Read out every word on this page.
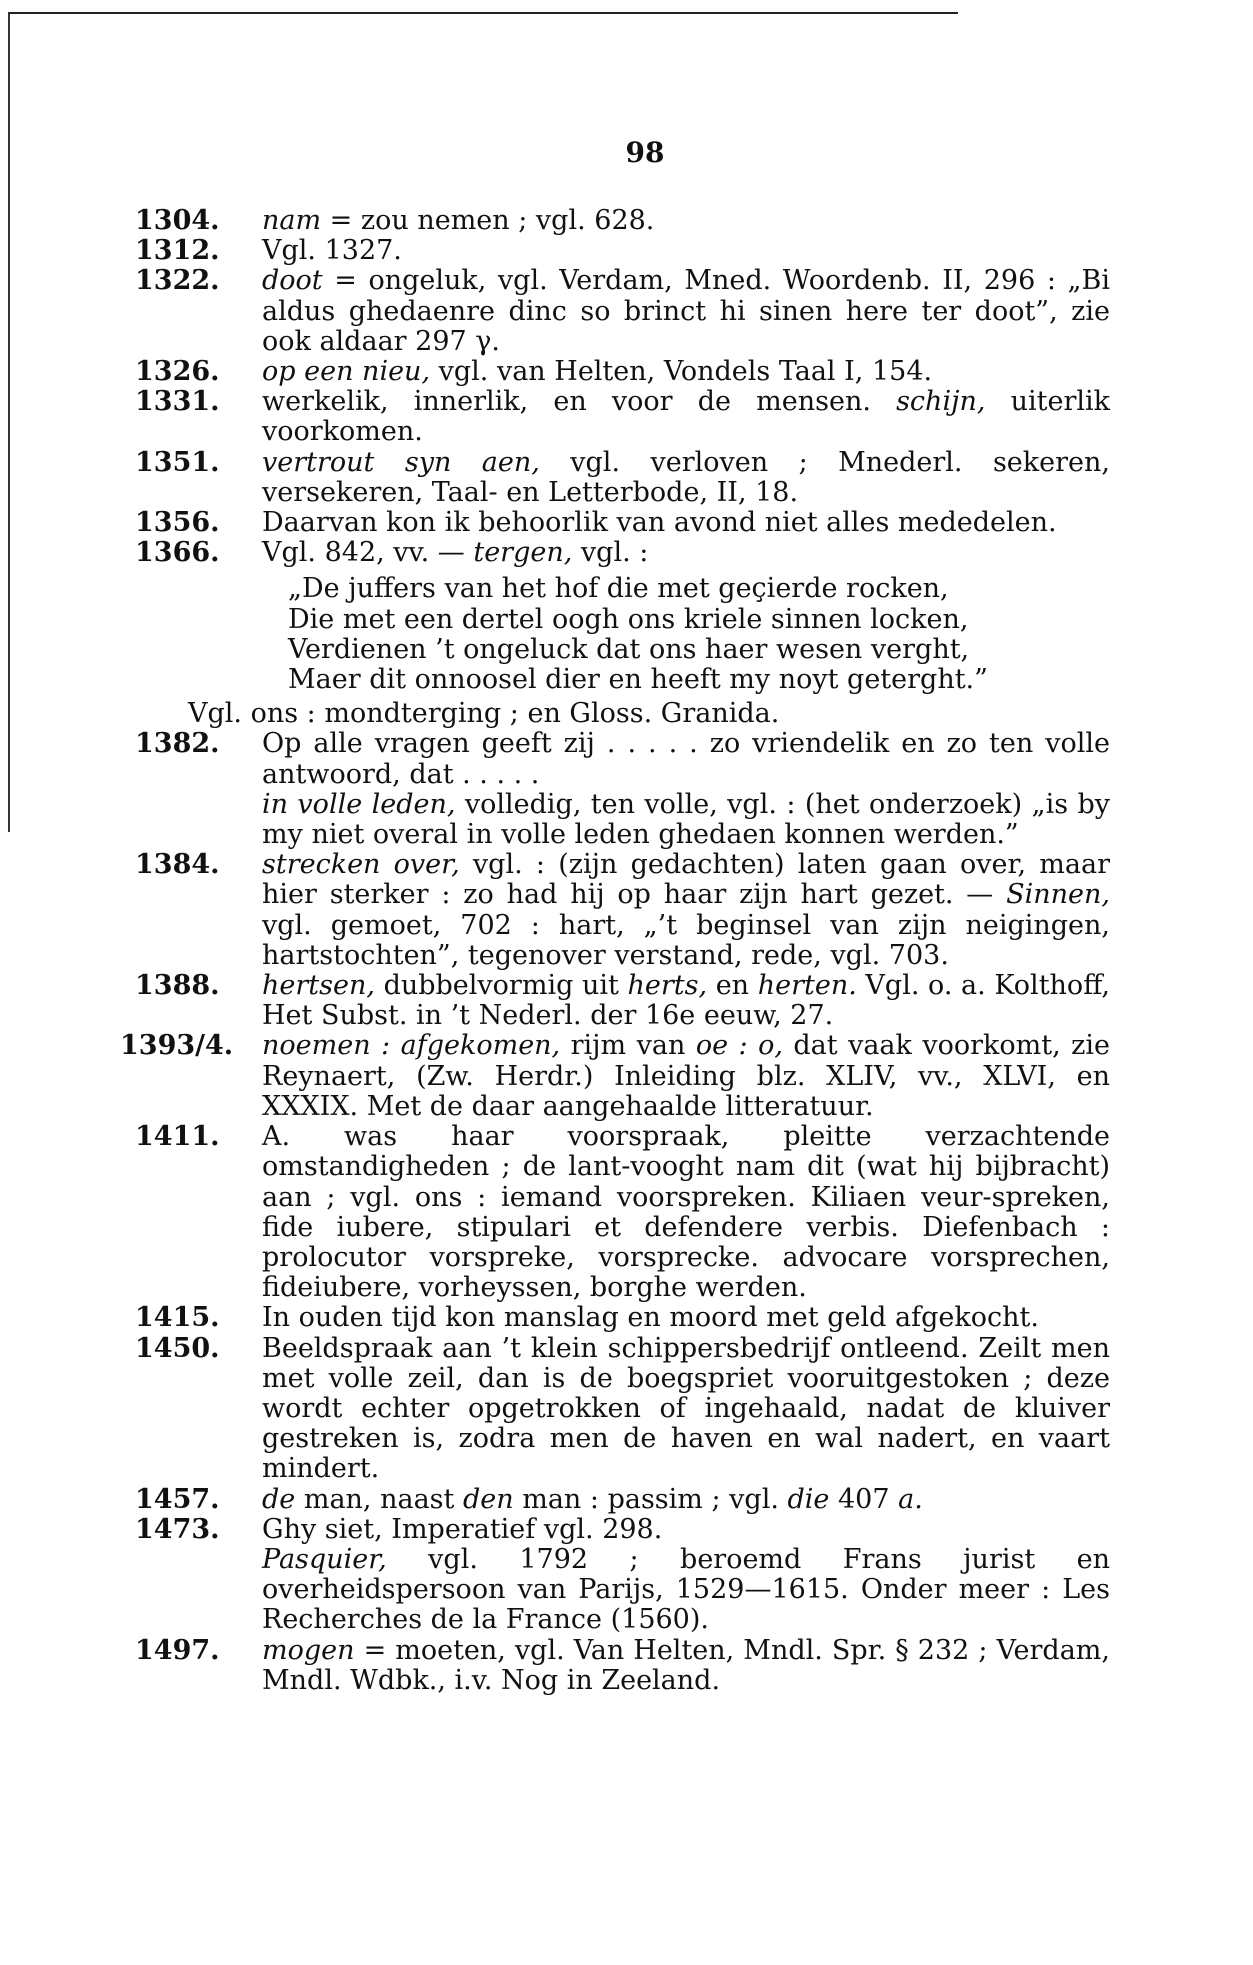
98

1304. nam = zou nemen ; vgl. 628.

1312. Vgl. 1327.

1322. doot = ongeluk, vgl. Verdam, Mned. Woordenb. II, 296 : „Bi aldus ghedaenre dinc so brinct hi sinen here ter doot”, zie ook aldaar 297 γ.

1326. op een nieu, vgl. van Helten, Vondels Taal I, 154.

1331. werkelik, innerlik, en voor de mensen. schijn, uiterlik voorkomen.

1351. vertrout syn aen, vgl. verloven ; Mnederl. sekeren, versekeren, Taal- en Letterbode, II, 18.

1356. Daarvan kon ik behoorlik van avond niet alles mededelen.

1366. Vgl. 842, vv. — tergen, vgl. :

„De juffers van het hof die met geçierde rocken,
Die met een dertel oogh ons kriele sinnen locken,
Verdienen ’t ongeluck dat ons haer wesen verght,
Maer dit onnoosel dier en heeft my noyt geterght.”

Vgl. ons : mondterging ; en Gloss. Granida.

1382. Op alle vragen geeft zij . . . . . zo vriendelik en zo ten volle antwoord, dat . . . . .

in volle leden, volledig, ten volle, vgl. : (het onderzoek) „is by my niet overal in volle leden ghedaen konnen werden.”

1384. strecken over, vgl. : (zijn gedachten) laten gaan over, maar hier sterker : zo had hij op haar zijn hart gezet. — Sinnen, vgl. gemoet, 702 : hart, „’t beginsel van zijn neigingen, hartstochten”, tegenover verstand, rede, vgl. 703.

1388. hertsen, dubbelvormig uit herts, en herten. Vgl. o. a. Kolthoff, Het Subst. in ’t Nederl. der 16e eeuw, 27.

1393/4. noemen : afgekomen, rijm van oe : o, dat vaak voorkomt, zie Reynaert, (Zw. Herdr.) Inleiding blz. XLIV, vv., XLVI, en XXXIX. Met de daar aangehaalde litteratuur.

1411. A. was haar voorspraak, pleitte verzachtende omstandigheden ; de lant-vooght nam dit (wat hij bijbracht) aan ; vgl. ons : iemand voorspreken. Kiliaen veur-spreken, fide iubere, stipulari et defendere verbis. Diefenbach : prolocutor vorspreke, vorsprecke. advocare vorsprechen, fideiubere, vorheyssen, borghe werden.

1415. In ouden tijd kon manslag en moord met geld afgekocht.

1450. Beeldspraak aan ’t klein schippersbedrijf ontleend. Zeilt men met volle zeil, dan is de boegspriet vooruitgestoken ; deze wordt echter opgetrokken of ingehaald, nadat de kluiver gestreken is, zodra men de haven en wal nadert, en vaart mindert.

1457. de man, naast den man : passim ; vgl. die 407 a.

1473. Ghy siet, Imperatief vgl. 298.

Pasquier, vgl. 1792 ; beroemd Frans jurist en overheidspersoon van Parijs, 1529—1615. Onder meer : Les Recherches de la France (1560).

1497. mogen = moeten, vgl. Van Helten, Mndl. Spr. § 232 ; Verdam, Mndl. Wdbk., i.v. Nog in Zeeland.
